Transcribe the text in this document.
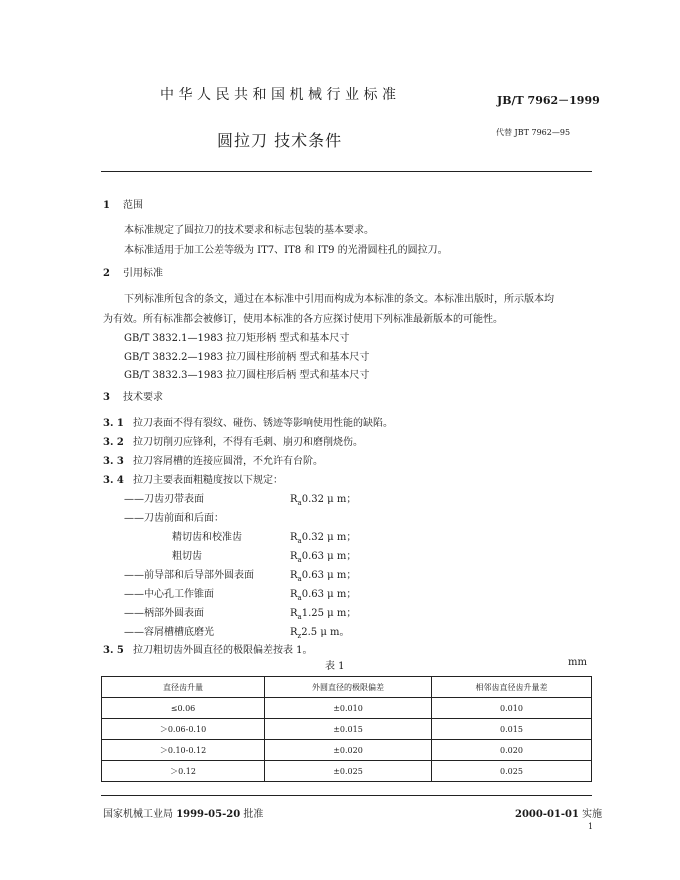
中华人民共和国机械行业标准	JB/T 7962－1999
圆拉刀 技术条件	代替 JBT 7962—95
1 范围
本标准规定了圆拉刀的技术要求和标志包装的基本要求。
本标准适用于加工公差等级为 IT7、IT8 和 IT9 的光滑圆柱孔的圆拉刀。
2 引用标准
下列标准所包含的条文，通过在本标准中引用而构成为本标准的条文。本标准出版时，所示版本均
为有效。所有标准都会被修订，使用本标准的各方应探讨使用下列标准最新版本的可能性。
GB/T 3832.1—1983 拉刀矩形柄 型式和基本尺寸
GB/T 3832.2—1983 拉刀圆柱形前柄 型式和基本尺寸
GB/T 3832.3—1983 拉刀圆柱形后柄 型式和基本尺寸
3 技术要求
3. 1 拉刀表面不得有裂纹、碰伤、锈迹等影响使用性能的缺陷。
3. 2 拉刀切削刃应锋利，不得有毛刺、崩刃和磨削烧伤。
3. 3 拉刀容屑槽的连接应圆滑，不允许有台阶。
3. 4 拉刀主要表面粗糙度按以下规定：
——刀齿刃带表面	$R_a0.32$ μ m；
——刀齿前面和后面：
精切齿和校准齿	$R_a0.32$ μ m；
粗切齿	$R_a0.63$ μ m；
——前导部和后导部外圆表面	$R_a0.63$ μ m；
——中心孔工作锥面	$R_a0.63$ μ m；
——柄部外圆表面	$R_a1.25$ μ m；
——容屑槽槽底磨光	$R_z2.5$ μ m。
3. 5 拉刀粗切齿外圆直径的极限偏差按表 1。
表 1	mm
直径齿升量	外圆直径的极限偏差	相邻齿直径齿升量差
≤0.06	±0.010	0.010
＞0.06-0.10	±0.015	0.015
＞0.10-0.12	±0.020	0.020
＞0.12	±0.025	0.025
国家机械工业局 1999-05-20 批准	2000-01-01 实施
1
